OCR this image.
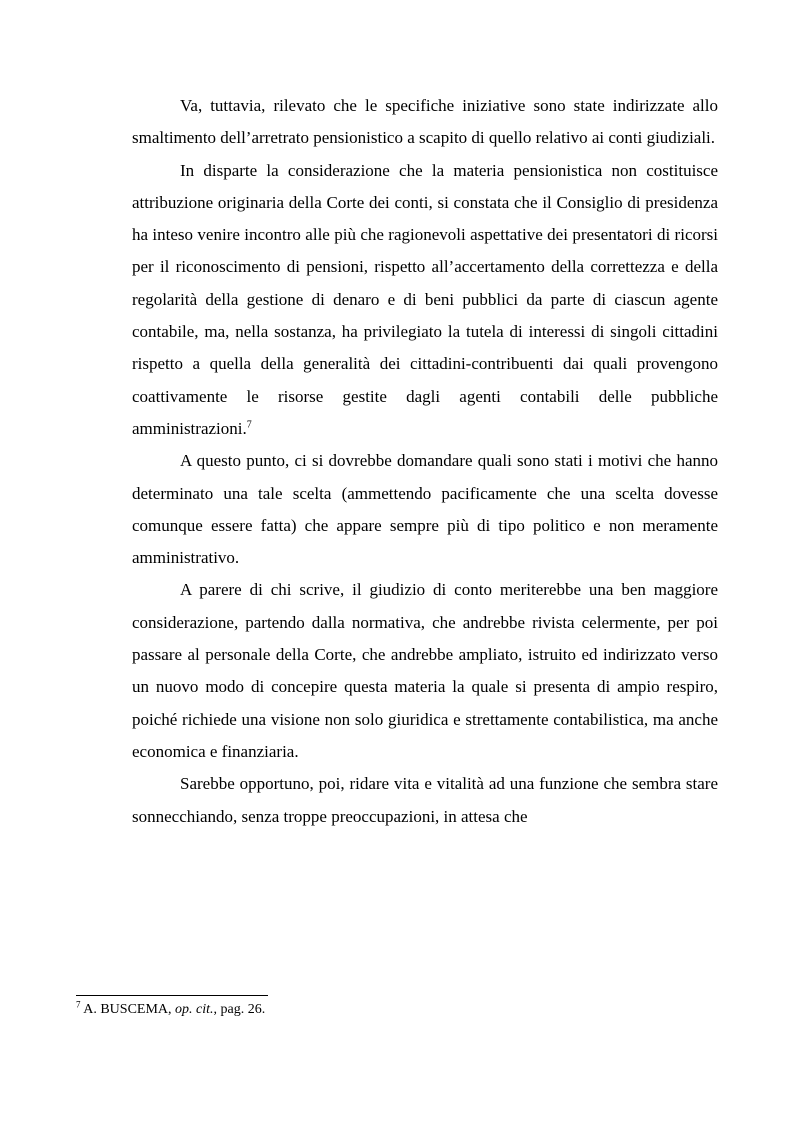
Va, tuttavia, rilevato che le specifiche iniziative sono state indirizzate allo smaltimento dell’arretrato pensionistico a scapito di quello relativo ai conti giudiziali.

In disparte la considerazione che la materia pensionistica non costituisce attribuzione originaria della Corte dei conti, si constata che il Consiglio di presidenza ha inteso venire incontro alle più che ragionevoli aspettative dei presentatori di ricorsi per il riconoscimento di pensioni, rispetto all’accertamento della correttezza e della regolarità della gestione di denaro e di beni pubblici da parte di ciascun agente contabile, ma, nella sostanza, ha privilegiato la tutela di interessi di singoli cittadini rispetto a quella della generalità dei cittadini-contribuenti dai quali provengono coattivamente le risorse gestite dagli agenti contabili delle pubbliche amministrazioni.$^7$

A questo punto, ci si dovrebbe domandare quali sono stati i motivi che hanno determinato una tale scelta (ammettendo pacificamente che una scelta dovesse comunque essere fatta) che appare sempre più di tipo politico e non meramente amministrativo.

A parere di chi scrive, il giudizio di conto meriterebbe una ben maggiore considerazione, partendo dalla normativa, che andrebbe rivista celermente, per poi passare al personale della Corte, che andrebbe ampliato, istruito ed indirizzato verso un nuovo modo di concepire questa materia la quale si presenta di ampio respiro, poiché richiede una visione non solo giuridica e strettamente contabilistica, ma anche economica e finanziaria.

Sarebbe opportuno, poi, ridare vita e vitalità ad una funzione che sembra stare sonnecchiando, senza troppe preoccupazioni, in attesa che

$^7$ A. BUSCEMA, op. cit., pag. 26.
